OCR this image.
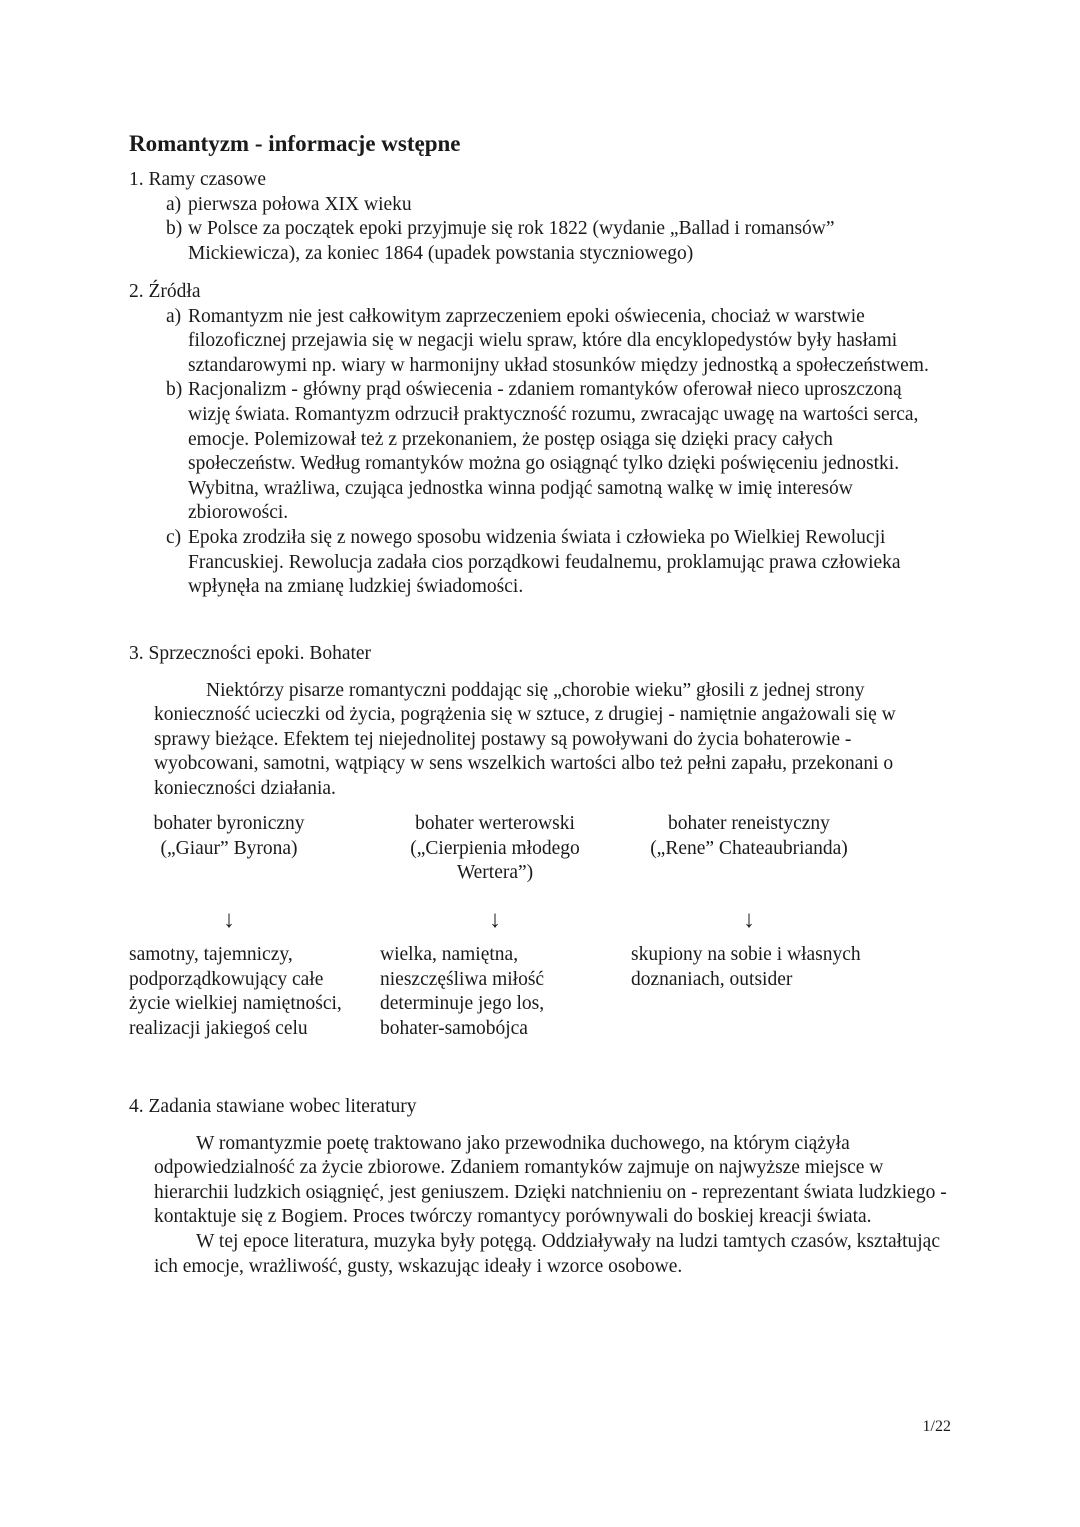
Romantyzm - informacje wstępne

1. Ramy czasowe

a) pierwsza połowa XIX wieku
b) w Polsce za początek epoki przyjmuje się rok 1822 (wydanie „Ballad i romansów” Mickiewicza), za koniec 1864 (upadek powstania styczniowego)

2. Źródła

a) Romantyzm nie jest całkowitym zaprzeczeniem epoki oświecenia, chociaż w warstwie filozoficznej przejawia się w negacji wielu spraw, które dla encyklopedystów były hasłami sztandarowymi np. wiary w harmonijny układ stosunków między jednostką a społeczeństwem.
b) Racjonalizm - główny prąd oświecenia - zdaniem romantyków oferował nieco uproszczoną wizję świata. Romantyzm odrzucił praktyczność rozumu, zwracając uwagę na wartości serca, emocje. Polemizował też z przekonaniem, że postęp osiąga się dzięki pracy całych społeczeństw. Według romantyków można go osiągnąć tylko dzięki poświęceniu jednostki. Wybitna, wrażliwa, czująca jednostka winna podjąć samotną walkę w imię interesów zbiorowości.
c) Epoka zrodziła się z nowego sposobu widzenia świata i człowieka po Wielkiej Rewolucji Francuskiej. Rewolucja zadała cios porządkowi feudalnemu, proklamując prawa człowieka wpłynęła na zmianę ludzkiej świadomości.

3. Sprzeczności epoki. Bohater

Niektórzy pisarze romantyczni poddając się „chorobie wieku” głosili z jednej strony konieczność ucieczki od życia, pogrążenia się w sztuce, z drugiej - namiętnie angażowali się w sprawy bieżące. Efektem tej niejednolitej postawy są powoływani do życia bohaterowie - wyobcowani, samotni, wątpiący w sens wszelkich wartości albo też pełni zapału, przekonani o konieczności działania.

bohater byroniczny

(„Giaur” Byrona)

↓

samotny, tajemniczy, podporządkowujący całe życie wielkiej namiętności, realizacji jakiegoś celu

bohater werterowski

(„Cierpienia młodego Wertera”)

↓

wielka, namiętna, nieszczęśliwa miłość determinuje jego los, bohater-samobójca

bohater reneistyczny

(„Rene” Chateaubrianda)

↓

skupiony na sobie i własnych doznaniach, outsider

4. Zadania stawiane wobec literatury

W romantyzmie poetę traktowano jako przewodnika duchowego, na którym ciążyła odpowiedzialność za życie zbiorowe. Zdaniem romantyków zajmuje on najwyższe miejsce w hierarchii ludzkich osiągnięć, jest geniuszem. Dzięki natchnieniu on - reprezentant świata ludzkiego - kontaktuje się z Bogiem. Proces twórczy romantycy porównywali do boskiej kreacji świata.

W tej epoce literatura, muzyka były potęgą. Oddziaływały na ludzi tamtych czasów, kształtując ich emocje, wrażliwość, gusty, wskazując ideały i wzorce osobowe.

1/22
